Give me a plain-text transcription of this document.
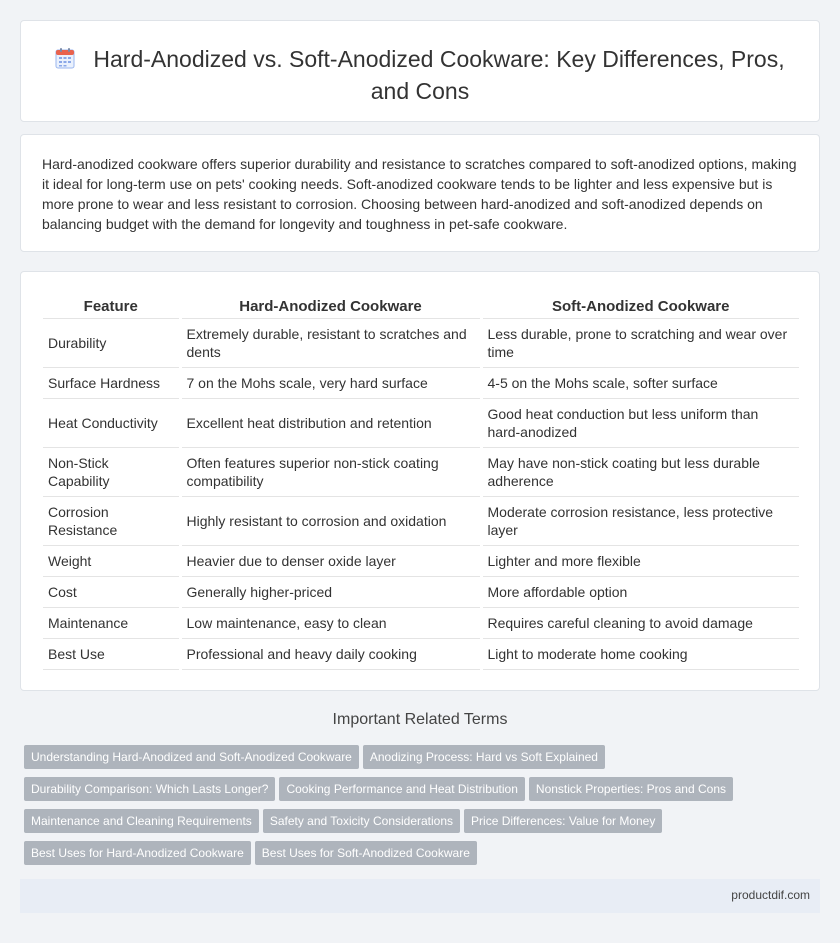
Hard-Anodized vs. Soft-Anodized Cookware: Key Differences, Pros, and Cons

Hard-anodized cookware offers superior durability and resistance to scratches compared to soft-anodized options, making it ideal for long-term use on pets' cooking needs. Soft-anodized cookware tends to be lighter and less expensive but is more prone to wear and less resistant to corrosion. Choosing between hard-anodized and soft-anodized depends on balancing budget with the demand for longevity and toughness in pet-safe cookware.

Feature	Hard-Anodized Cookware	Soft-Anodized Cookware
Durability	Extremely durable, resistant to scratches and dents	Less durable, prone to scratching and wear over time
Surface Hardness	7 on the Mohs scale, very hard surface	4-5 on the Mohs scale, softer surface
Heat Conductivity	Excellent heat distribution and retention	Good heat conduction but less uniform than hard-anodized
Non-Stick Capability	Often features superior non-stick coating compatibility	May have non-stick coating but less durable adherence
Corrosion Resistance	Highly resistant to corrosion and oxidation	Moderate corrosion resistance, less protective layer
Weight	Heavier due to denser oxide layer	Lighter and more flexible
Cost	Generally higher-priced	More affordable option
Maintenance	Low maintenance, easy to clean	Requires careful cleaning to avoid damage
Best Use	Professional and heavy daily cooking	Light to moderate home cooking
Important Related Terms
Understanding Hard-Anodized and Soft-Anodized Cookware Anodizing Process: Hard vs Soft Explained
Durability Comparison: Which Lasts Longer? Cooking Performance and Heat Distribution Nonstick Properties: Pros and Cons
Maintenance and Cleaning Requirements Safety and Toxicity Considerations Price Differences: Value for Money
Best Uses for Hard-Anodized Cookware Best Uses for Soft-Anodized Cookware
productdif.com
